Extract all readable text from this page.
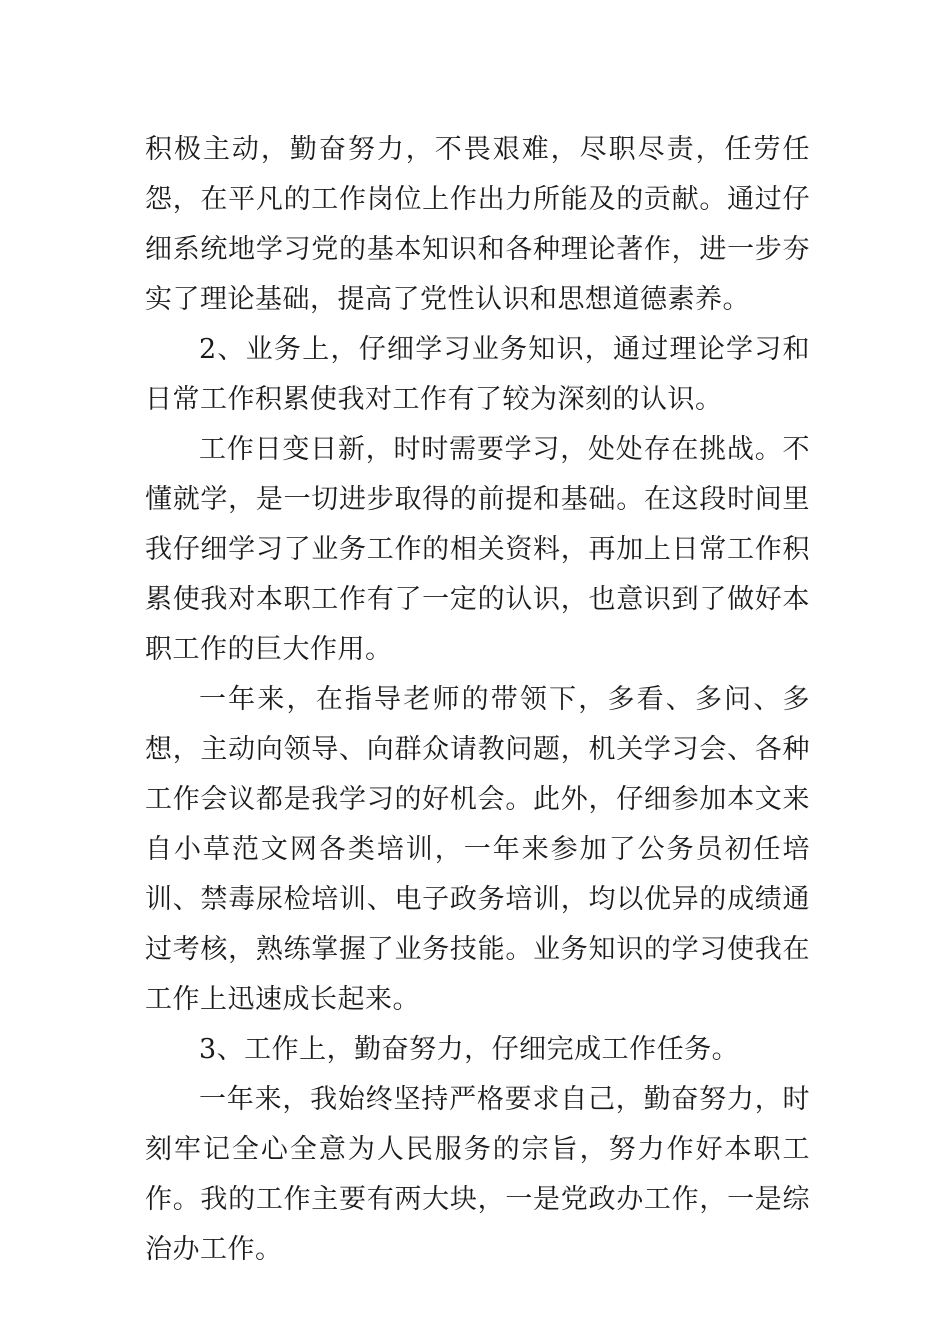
积极主动，勤奋努力，不畏艰难，尽职尽责，任劳任怨，在平凡的工作岗位上作出力所能及的贡献。通过仔细系统地学习党的基本知识和各种理论著作，进一步夯实了理论基础，提高了党性认识和思想道德素养。

2、业务上，仔细学习业务知识，通过理论学习和日常工作积累使我对工作有了较为深刻的认识。

工作日变日新，时时需要学习，处处存在挑战。不懂就学，是一切进步取得的前提和基础。在这段时间里我仔细学习了业务工作的相关资料，再加上日常工作积累使我对本职工作有了一定的认识，也意识到了做好本职工作的巨大作用。

一年来，在指导老师的带领下，多看、多问、多想，主动向领导、向群众请教问题，机关学习会、各种工作会议都是我学习的好机会。此外，仔细参加本文来自小草范文网各类培训，一年来参加了公务员初任培训、禁毒尿检培训、电子政务培训，均以优异的成绩通过考核，熟练掌握了业务技能。业务知识的学习使我在工作上迅速成长起来。

3、工作上，勤奋努力，仔细完成工作任务。

一年来，我始终坚持严格要求自己，勤奋努力，时刻牢记全心全意为人民服务的宗旨，努力作好本职工作。我的工作主要有两大块，一是党政办工作，一是综治办工作。
